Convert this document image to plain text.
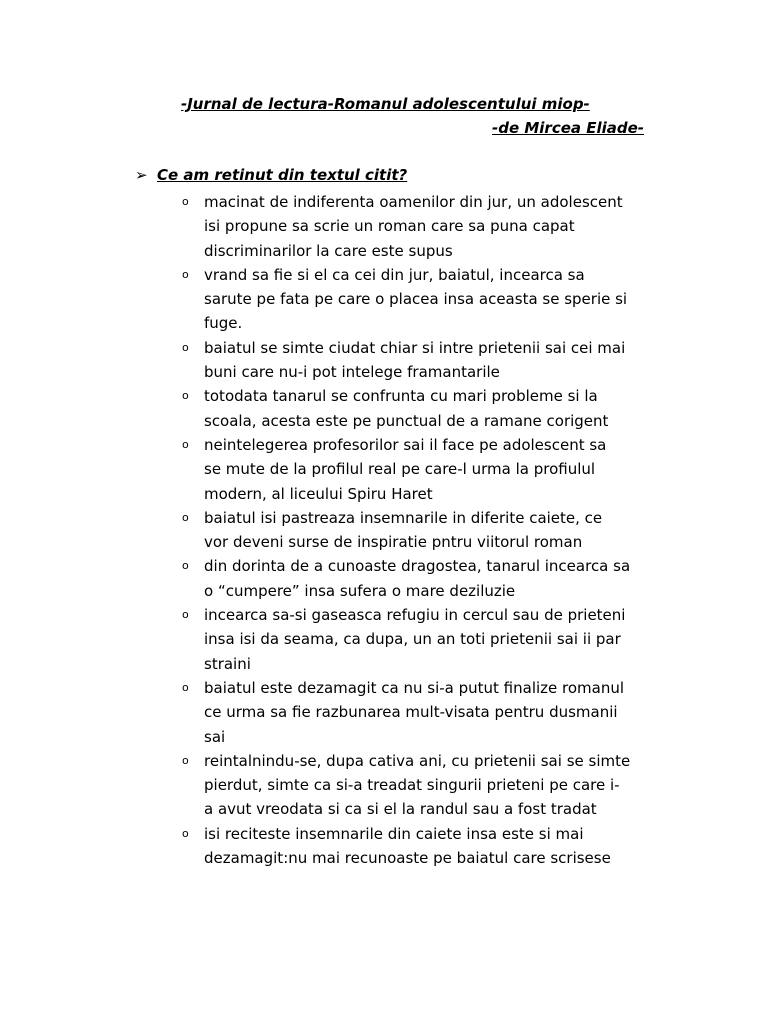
-Jurnal de lectura-Romanul adolescentului miop-
-de Mircea Eliade-
➢ Ce am retinut din textul citit?
o macinat de indiferenta oamenilor din jur, un adolescent
isi propune sa scrie un roman care sa puna capat
discriminarilor la care este supus
o vrand sa fie si el ca cei din jur, baiatul, incearca sa
sarute pe fata pe care o placea insa aceasta se sperie si
fuge.
o baiatul se simte ciudat chiar si intre prietenii sai cei mai
buni care nu-i pot intelege framantarile
o totodata tanarul se confrunta cu mari probleme si la
scoala, acesta este pe punctual de a ramane corigent
o neintelegerea profesorilor sai il face pe adolescent sa
se mute de la profilul real pe care-l urma la profiulul
modern, al liceului Spiru Haret
o baiatul isi pastreaza insemnarile in diferite caiete, ce
vor deveni surse de inspiratie pntru viitorul roman
o din dorinta de a cunoaste dragostea, tanarul incearca sa
o “cumpere” insa sufera o mare deziluzie
o incearca sa-si gaseasca refugiu in cercul sau de prieteni
insa isi da seama, ca dupa, un an toti prietenii sai ii par
straini
o baiatul este dezamagit ca nu si-a putut finalize romanul
ce urma sa fie razbunarea mult-visata pentru dusmanii
sai
o reintalnindu-se, dupa cativa ani, cu prietenii sai se simte
pierdut, simte ca si-a treadat singurii prieteni pe care i-
a avut vreodata si ca si el la randul sau a fost tradat
o isi reciteste insemnarile din caiete insa este si mai
dezamagit:nu mai recunoaste pe baiatul care scrisese
